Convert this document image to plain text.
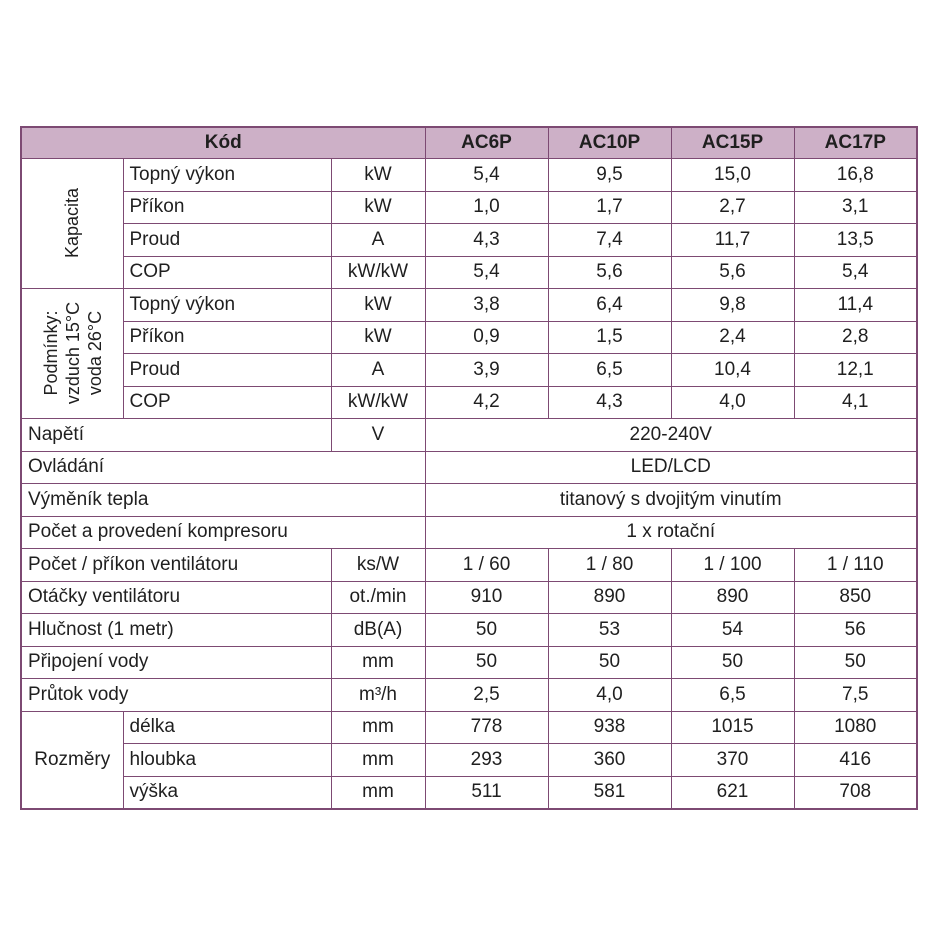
Kód			AC6P	AC10P	AC15P	AC17P

Kapacita	Topný výkon	kW	5,4	9,5	15,0	16,8
	Příkon	kW	1,0	1,7	2,7	3,1
	Proud	A	4,3	7,4	11,7	13,5
	COP	kW/kW	5,4	5,6	5,6	5,4

Podmínky: vzduch 15°C voda 26°C	Topný výkon	kW	3,8	6,4	9,8	11,4
	Příkon	kW	0,9	1,5	2,4	2,8
	Proud	A	3,9	6,5	10,4	12,1
	COP	kW/kW	4,2	4,3	4,0	4,1
Napětí		V	220-240V			
Ovládání			LED/LCD			
Výměník tepla			titanový s dvojitým vinutím			
Počet a provedení kompresoru			1 x rotační			
Počet / příkon ventilátoru		ks/W	1 / 60	1 / 80	1 / 100	1 / 110
Otáčky ventilátoru		ot./min	910	890	890	850
Hlučnost (1 metr)		dB(A)	50	53	54	56
Připojení vody		mm	50	50	50	50
Průtok vody		m³/h	2,5	4,0	6,5	7,5
Rozměry	délka	mm	778	938	1015	1080
	hloubka	mm	293	360	370	416
	výška	mm	511	581	621	708
